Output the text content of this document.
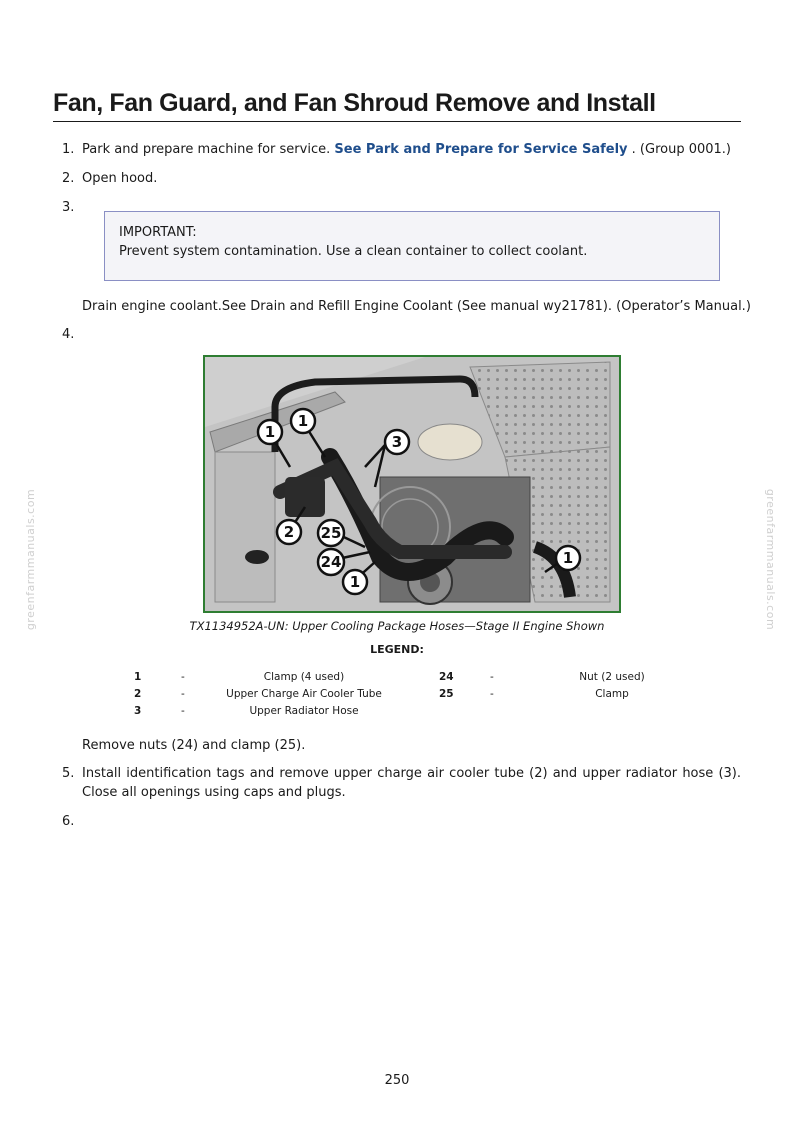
Fan, Fan Guard, and Fan Shroud Remove and Install
1. Park and prepare machine for service. See Park and Prepare for Service Safely . (Group 0001.)
2. Open hood.
3.
IMPORTANT:
Prevent system contamination. Use a clean container to collect coolant.
Drain engine coolant.See Drain and Refill Engine Coolant (See manual wy21781). (Operator’s Manual.)
4.
1
1
3
2 25
24
1
1
TX1134952A-UN: Upper Cooling Package Hoses—Stage II Engine Shown
LEGEND:
1	-	Clamp (4 used)	24	-	Nut (2 used)
2	-	Upper Charge Air Cooler Tube	25	-	Clamp
3	-	Upper Radiator Hose
Remove nuts (24) and clamp (25).
5. Install identification tags and remove upper charge air cooler tube (2) and upper radiator hose (3). Close all openings using caps and plugs.
6.
greenfarmmanuals.com	greenfarmmanuals.com
250
